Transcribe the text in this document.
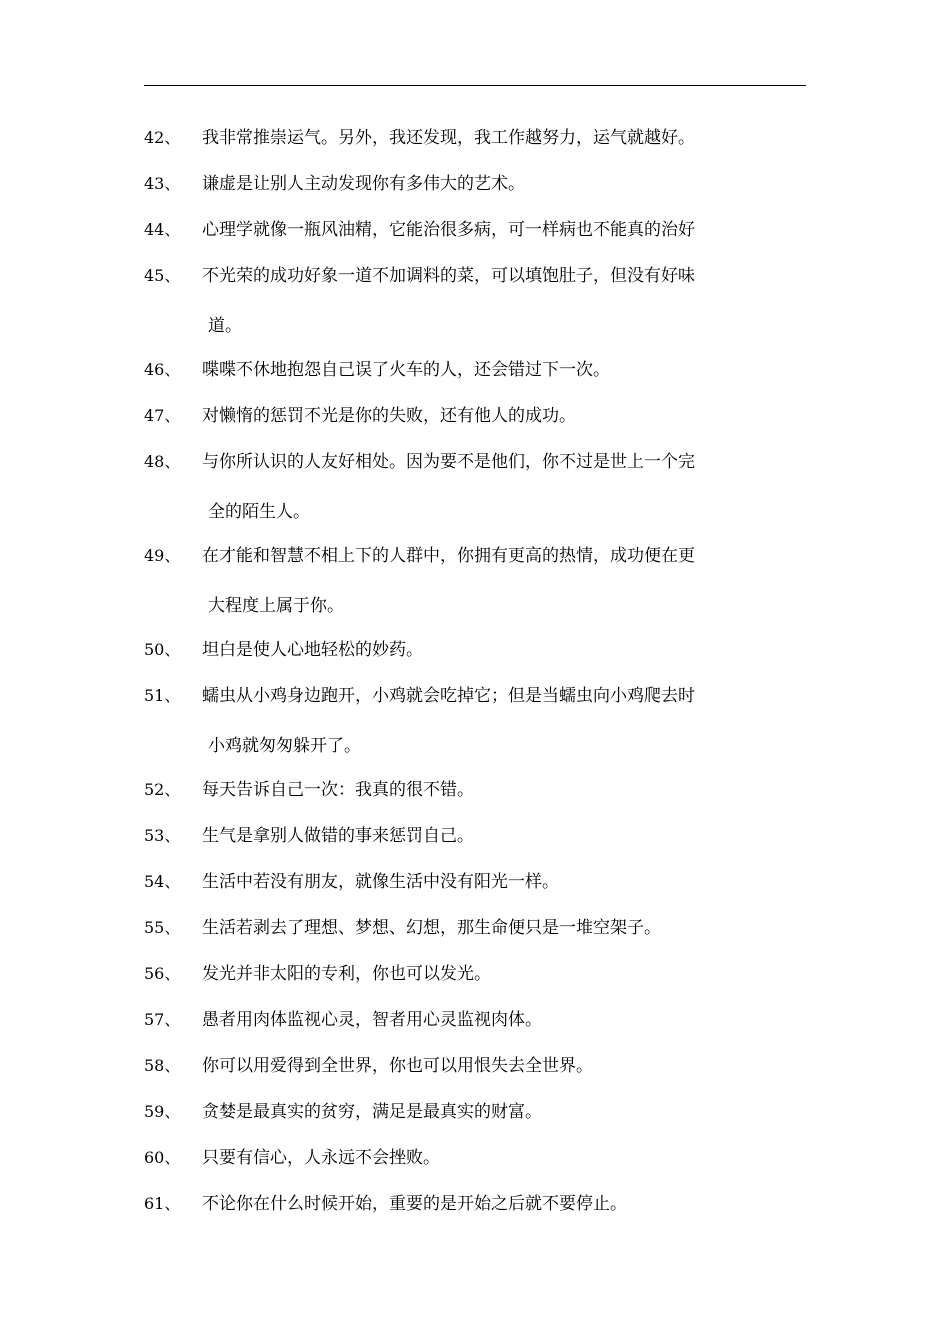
42、 我非常推崇运气。另外，我还发现，我工作越努力，运气就越好。
43、 谦虚是让别人主动发现你有多伟大的艺术。
44、 心理学就像一瓶风油精，它能治很多病，可一样病也不能真的治好
45、 不光荣的成功好象一道不加调料的菜，可以填饱肚子，但没有好味
道。
46、 喋喋不休地抱怨自己误了火车的人，还会错过下一次。
47、 对懒惰的惩罚不光是你的失败，还有他人的成功。
48、 与你所认识的人友好相处。因为要不是他们，你不过是世上一个完
全的陌生人。
49、 在才能和智慧不相上下的人群中，你拥有更高的热情，成功便在更
大程度上属于你。
50、 坦白是使人心地轻松的妙药。
51、 蠕虫从小鸡身边跑开，小鸡就会吃掉它；但是当蠕虫向小鸡爬去时
小鸡就匆匆躲开了。
52、 每天告诉自己一次：我真的很不错。
53、 生气是拿别人做错的事来惩罚自己。
54、 生活中若没有朋友，就像生活中没有阳光一样。
55、 生活若剥去了理想、梦想、幻想，那生命便只是一堆空架子。
56、 发光并非太阳的专利，你也可以发光。
57、 愚者用肉体监视心灵，智者用心灵监视肉体。
58、 你可以用爱得到全世界，你也可以用恨失去全世界。
59、 贪婪是最真实的贫穷，满足是最真实的财富。
60、 只要有信心，人永远不会挫败。
61、 不论你在什么时候开始，重要的是开始之后就不要停止。
